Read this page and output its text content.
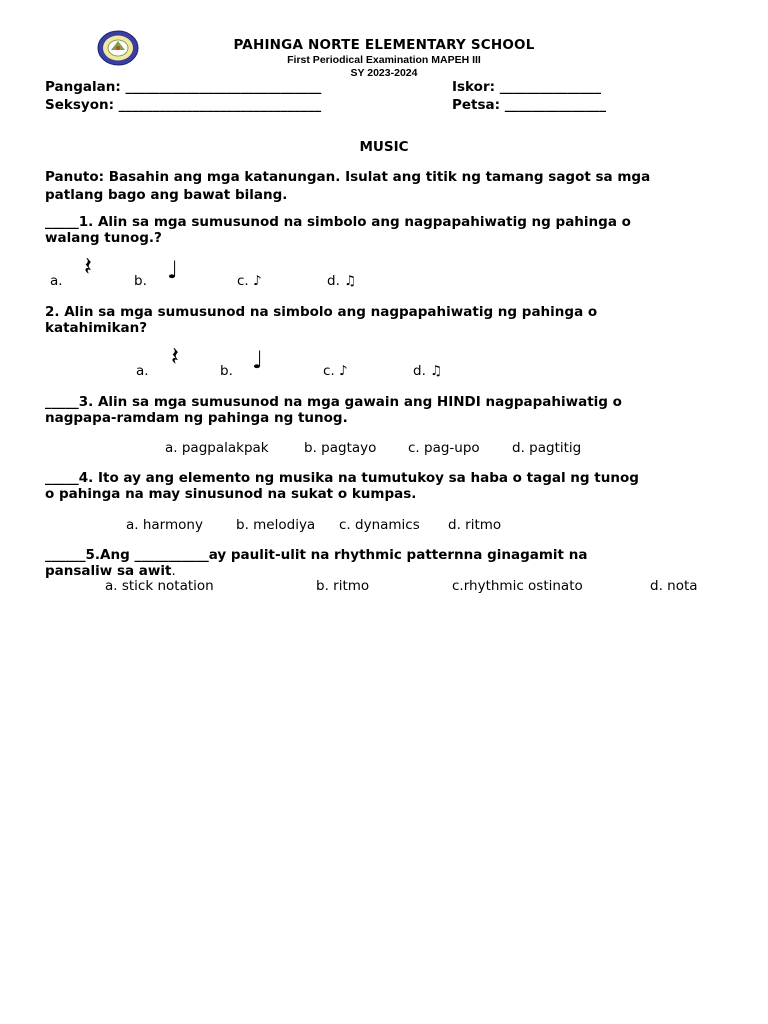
PAHINGA NORTE ELEMENTARY SCHOOL
First Periodical Examination MAPEH III
SY 2023-2024
Pangalan: _____________________________	Iskor: _______________
Seksyon: ______________________________	Petsa: _______________
MUSIC
Panuto: Basahin ang mga katanungan. Isulat ang titik ng tamang sagot sa mga
patlang bago ang bawat bilang.
_____1. Alin sa mga sumusunod na simbolo ang nagpapahiwatig ng pahinga o
walang tunog.?
a. 𝄽	b. ♩	c. ♪	d. ♫
2. Alin sa mga sumusunod na simbolo ang nagpapahiwatig ng pahinga o
katahimikan?
a. 𝄽	b. ♩	c. ♪	d. ♫
_____3. Alin sa mga sumusunod na mga gawain ang HINDI nagpapahiwatig o
nagpapa-ramdam ng pahinga ng tunog.
a. pagpalakpak	b. pagtayo c. pag-upo d. pagtitig
_____4. Ito ay ang elemento ng musika na tumutukoy sa haba o tagal ng tunog
o pahinga na may sinusunod na sukat o kumpas.
a. harmony b. melodiya c. dynamics d. ritmo
______5.Ang ___________ay paulit-ulit na rhythmic patternna ginagamit na
pansaliw sa awit.
a. stick notation	b. ritmo	c.rhythmic ostinato	d. nota
